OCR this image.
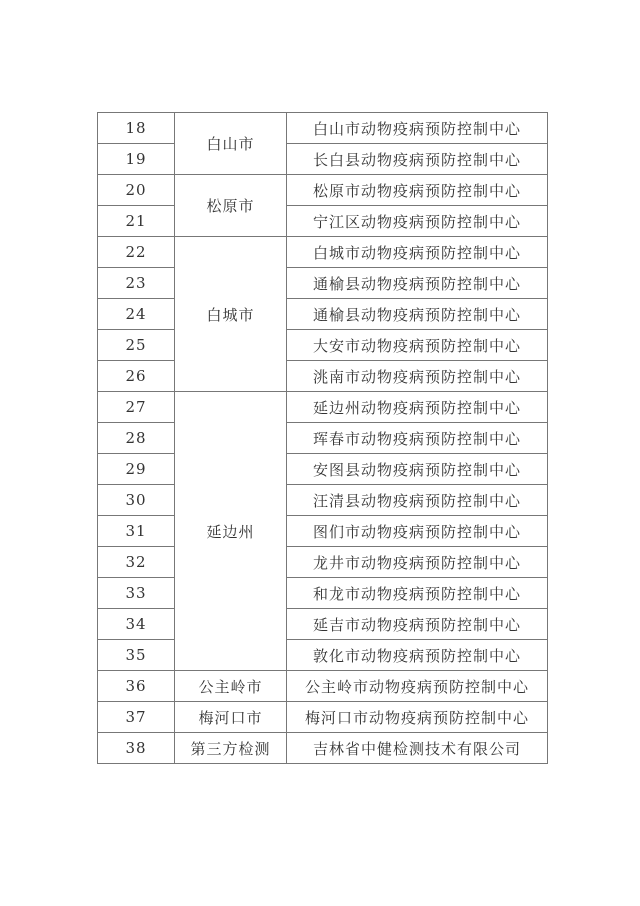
18	白山市	白山市动物疫病预防控制中心
19		长白县动物疫病预防控制中心
20	松原市	松原市动物疫病预防控制中心
21		宁江区动物疫病预防控制中心
22	白城市	白城市动物疫病预防控制中心
23		通榆县动物疫病预防控制中心
24		通榆县动物疫病预防控制中心
25		大安市动物疫病预防控制中心
26		洮南市动物疫病预防控制中心
27	延边州	延边州动物疫病预防控制中心
28		珲春市动物疫病预防控制中心
29		安图县动物疫病预防控制中心
30		汪清县动物疫病预防控制中心
31		图们市动物疫病预防控制中心
32		龙井市动物疫病预防控制中心
33		和龙市动物疫病预防控制中心
34		延吉市动物疫病预防控制中心
35		敦化市动物疫病预防控制中心
36	公主岭市	公主岭市动物疫病预防控制中心
37	梅河口市	梅河口市动物疫病预防控制中心
38	第三方检测	吉林省中健检测技术有限公司
